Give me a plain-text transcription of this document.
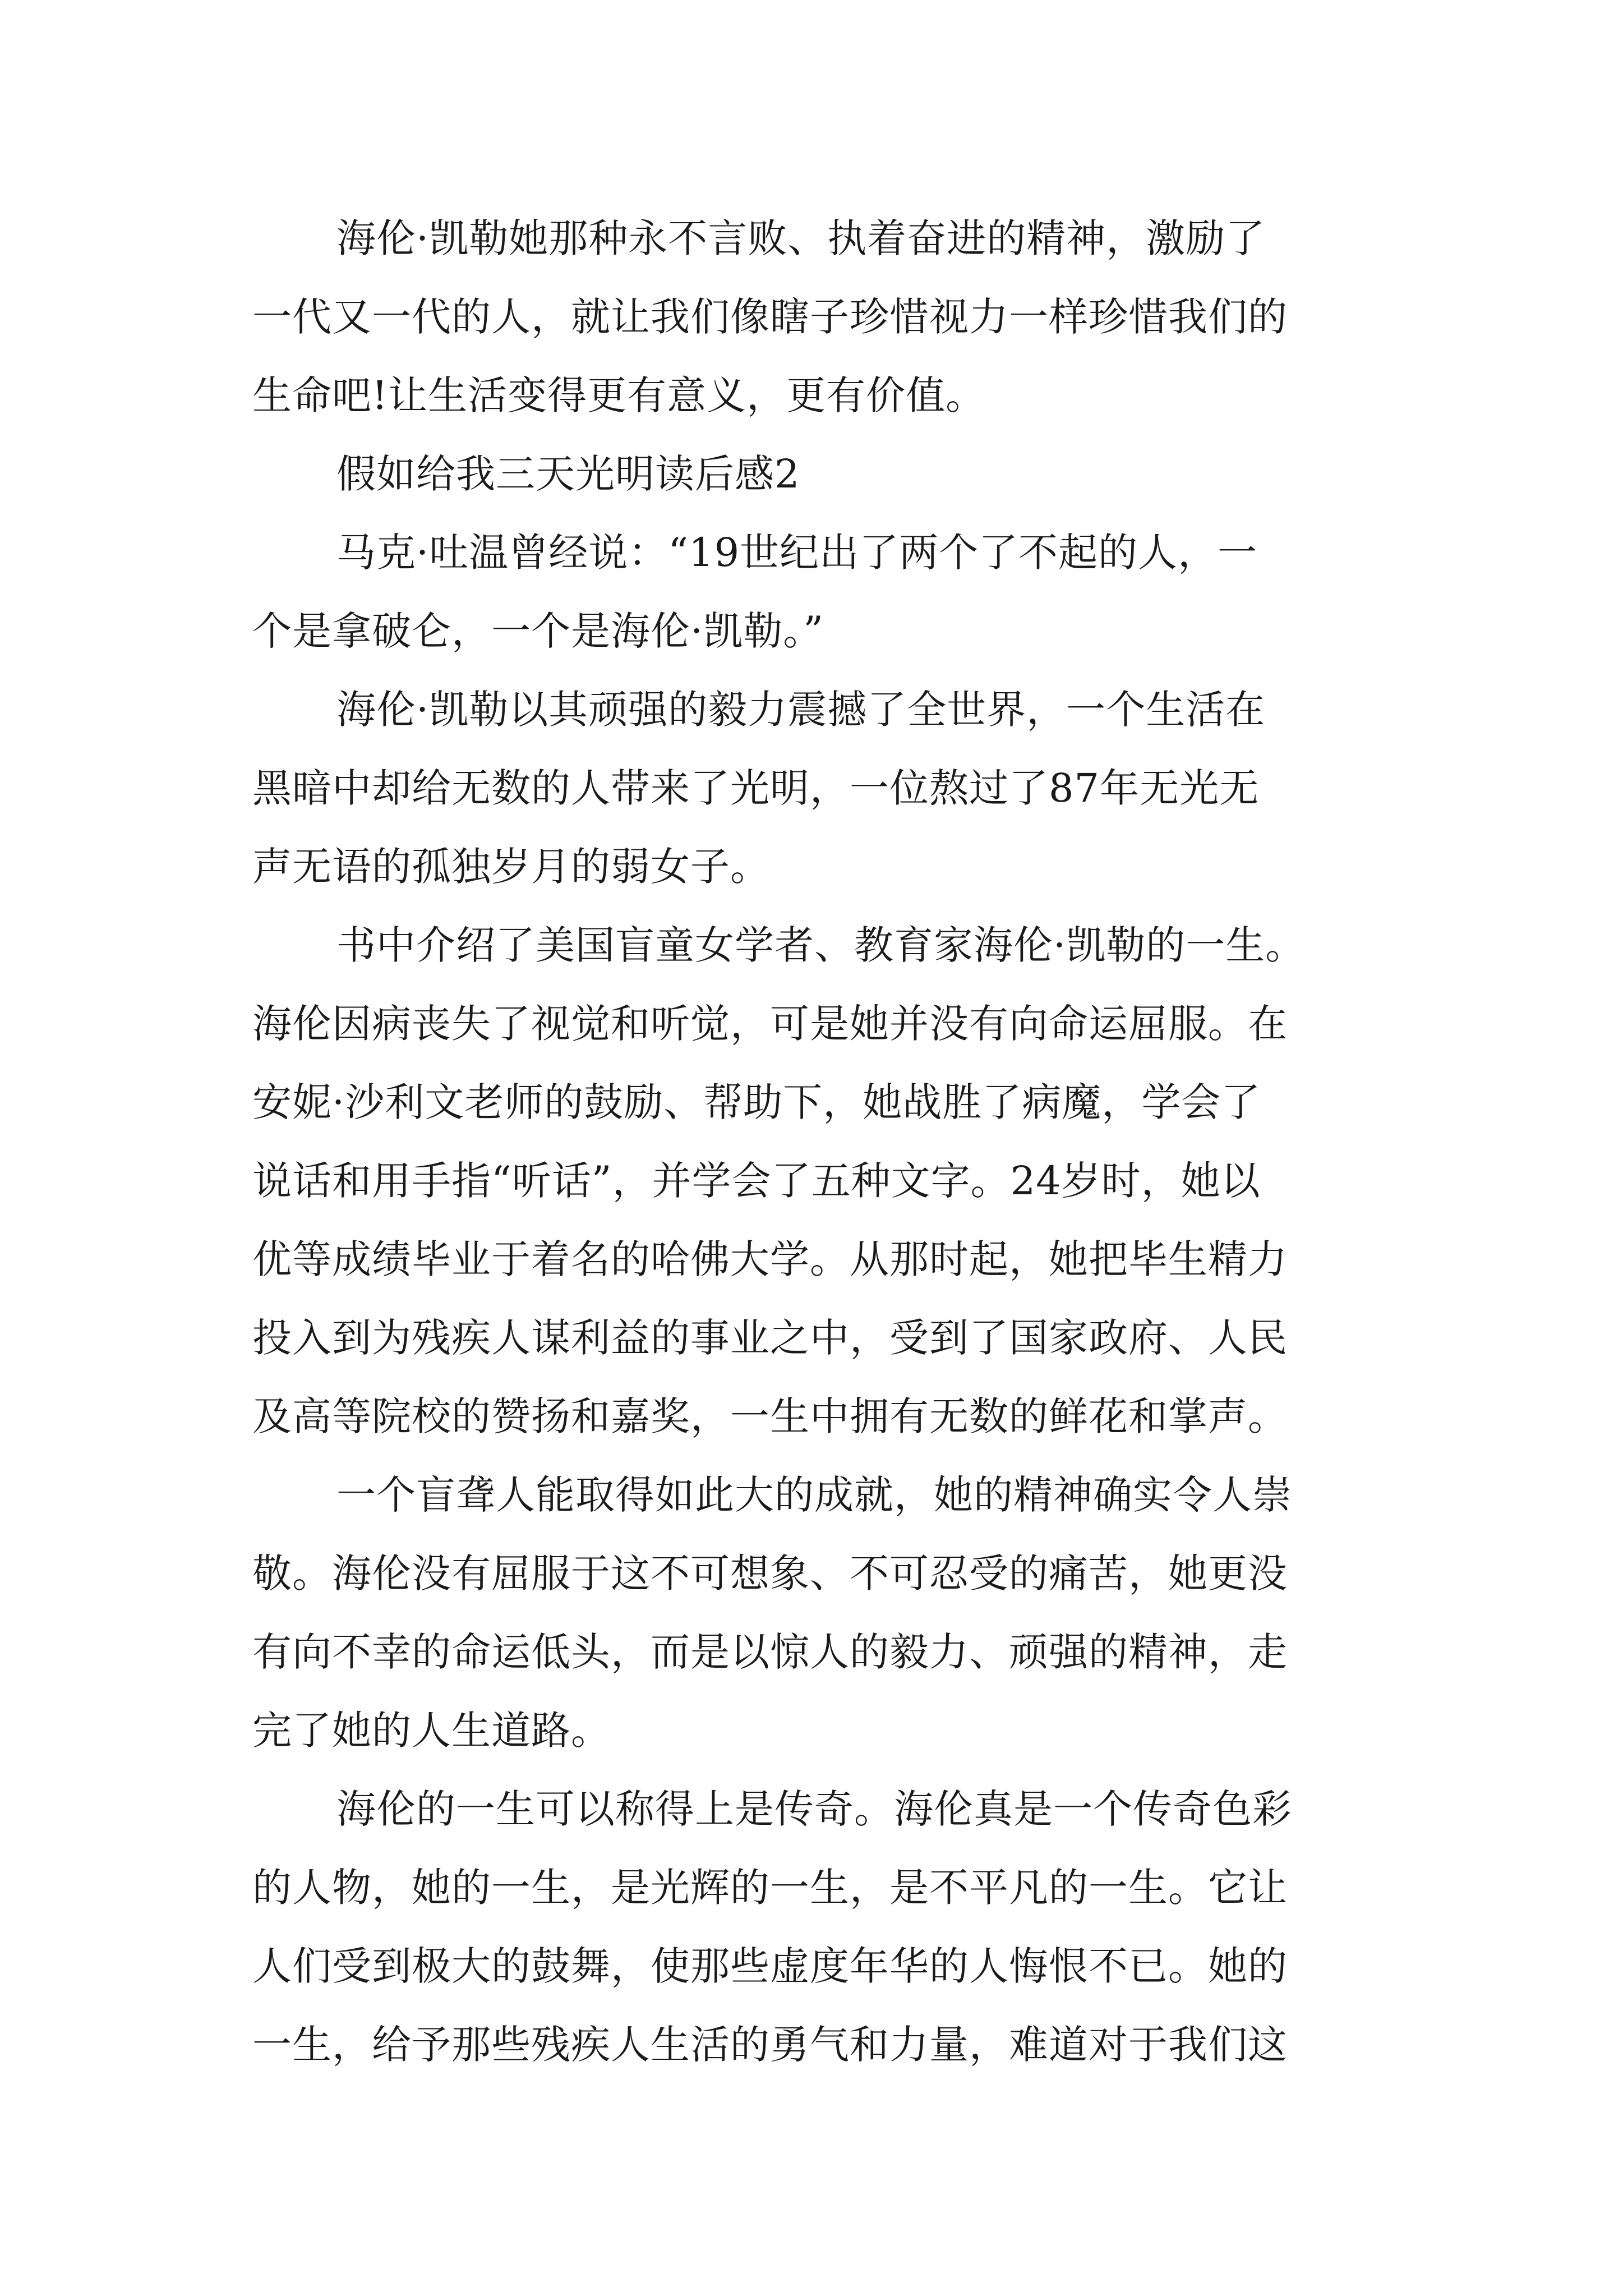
海伦·凯勒她那种永不言败、执着奋进的精神，激励了
一代又一代的人，就让我们像瞎子珍惜视力一样珍惜我们的
生命吧!让生活变得更有意义，更有价值。
假如给我三天光明读后感2
马克·吐温曾经说：“19世纪出了两个了不起的人，一
个是拿破仑，一个是海伦·凯勒。”
海伦·凯勒以其顽强的毅力震撼了全世界，一个生活在
黑暗中却给无数的人带来了光明，一位熬过了87年无光无
声无语的孤独岁月的弱女子。
书中介绍了美国盲童女学者、教育家海伦·凯勒的一生。
海伦因病丧失了视觉和听觉，可是她并没有向命运屈服。在
安妮·沙利文老师的鼓励、帮助下，她战胜了病魔，学会了
说话和用手指“听话”，并学会了五种文字。24岁时，她以
优等成绩毕业于着名的哈佛大学。从那时起，她把毕生精力
投入到为残疾人谋利益的事业之中，受到了国家政府、人民
及高等院校的赞扬和嘉奖，一生中拥有无数的鲜花和掌声。
一个盲聋人能取得如此大的成就，她的精神确实令人崇
敬。海伦没有屈服于这不可想象、不可忍受的痛苦，她更没
有向不幸的命运低头，而是以惊人的毅力、顽强的精神，走
完了她的人生道路。
海伦的一生可以称得上是传奇。海伦真是一个传奇色彩
的人物，她的一生，是光辉的一生，是不平凡的一生。它让
人们受到极大的鼓舞，使那些虚度年华的人悔恨不已。她的
一生，给予那些残疾人生活的勇气和力量，难道对于我们这
